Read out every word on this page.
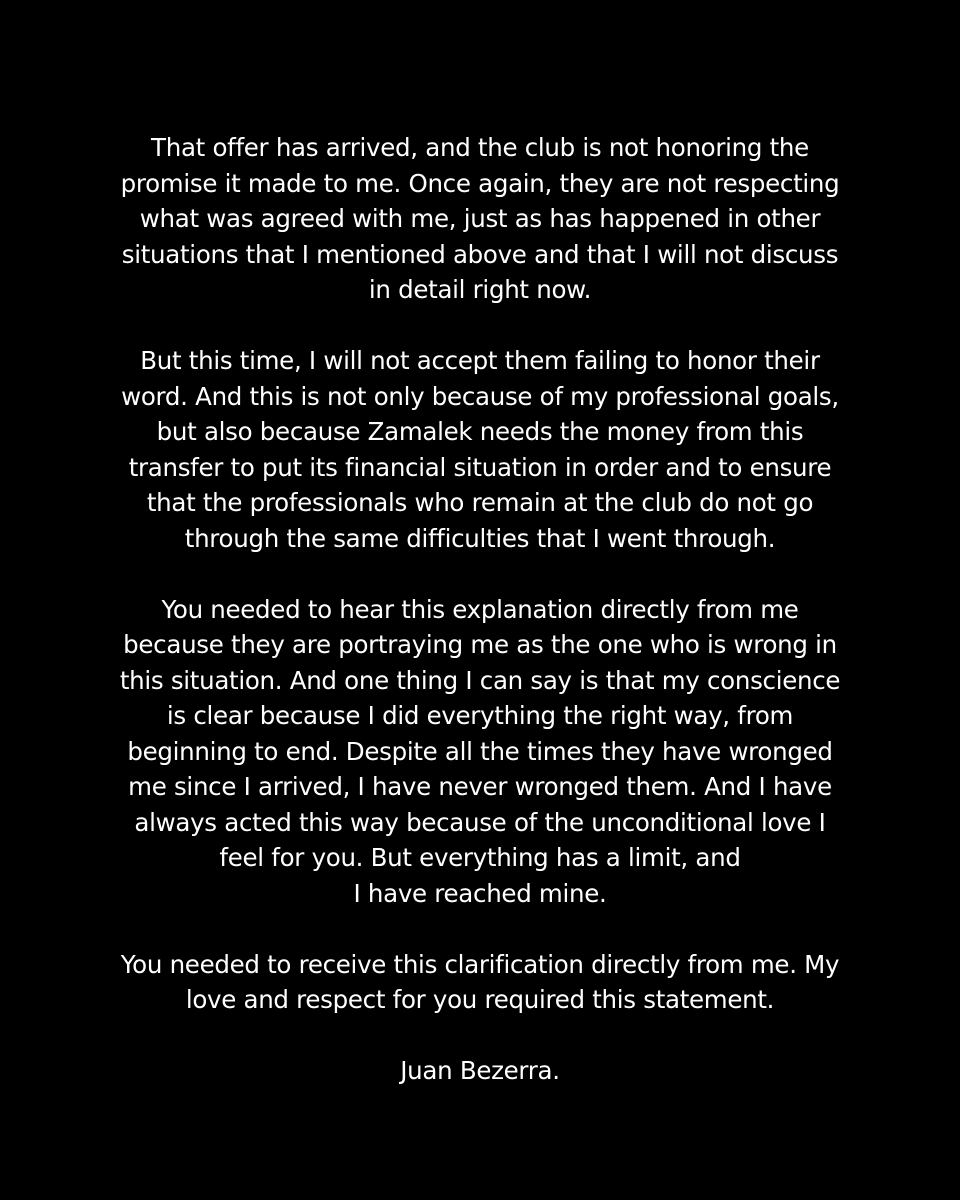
That offer has arrived, and the club is not honoring the
promise it made to me. Once again, they are not respecting
what was agreed with me, just as has happened in other
situations that I mentioned above and that I will not discuss
in detail right now.

But this time, I will not accept them failing to honor their
word. And this is not only because of my professional goals,
but also because Zamalek needs the money from this
transfer to put its financial situation in order and to ensure
that the professionals who remain at the club do not go
through the same difficulties that I went through.

You needed to hear this explanation directly from me
because they are portraying me as the one who is wrong in
this situation. And one thing I can say is that my conscience
is clear because I did everything the right way, from
beginning to end. Despite all the times they have wronged
me since I arrived, I have never wronged them. And I have
always acted this way because of the unconditional love I
feel for you. But everything has a limit, and
I have reached mine.

You needed to receive this clarification directly from me. My
love and respect for you required this statement.

Juan Bezerra.
